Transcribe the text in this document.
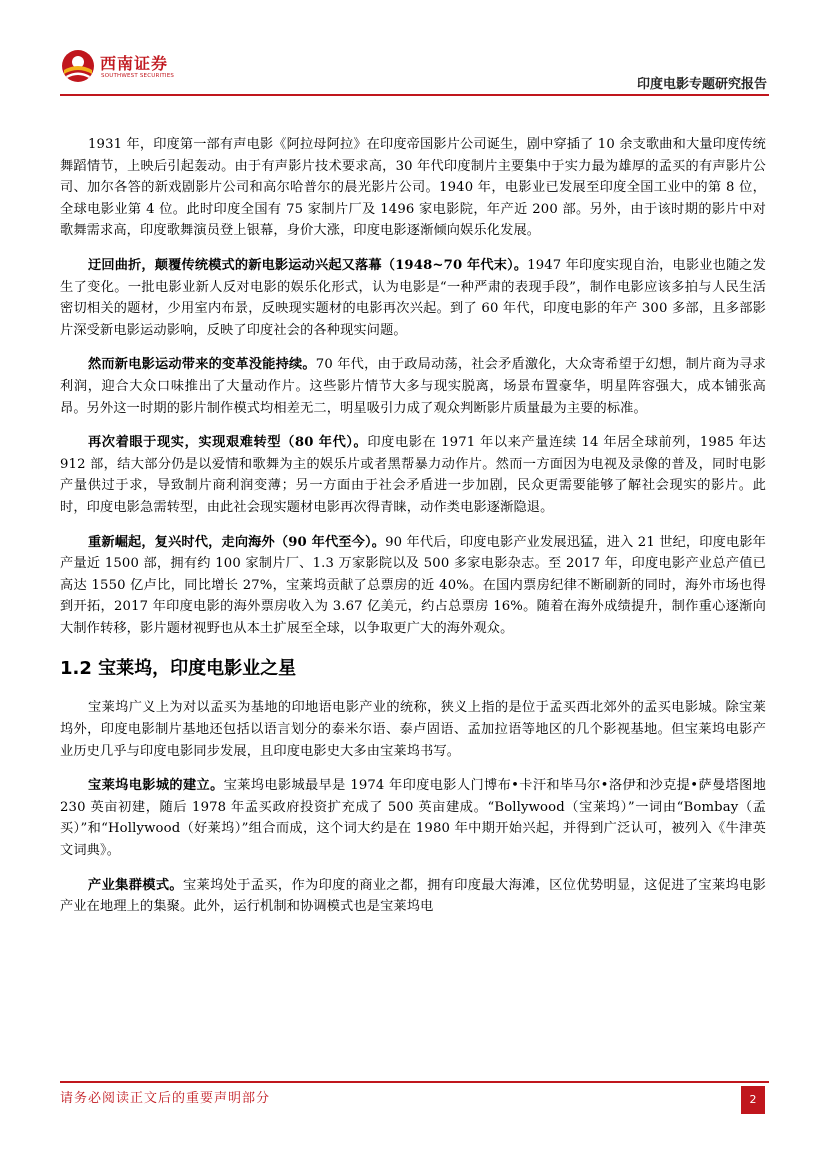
西南证券
SOUTHWEST SECURITIES
印度电影专题研究报告

1931 年，印度第一部有声电影《阿拉母阿拉》在印度帝国影片公司诞生，剧中穿插了 10 余支歌曲和大量印度传统舞蹈情节，上映后引起轰动。由于有声影片技术要求高，30 年代印度制片主要集中于实力最为雄厚的孟买的有声影片公司、加尔各答的新戏剧影片公司和高尔哈普尔的晨光影片公司。1940 年，电影业已发展至印度全国工业中的第 8 位，全球电影业第 4 位。此时印度全国有 75 家制片厂及 1496 家电影院，年产近 200 部。另外，由于该时期的影片中对歌舞需求高，印度歌舞演员登上银幕，身价大涨，印度电影逐渐倾向娱乐化发展。

迂回曲折，颠覆传统模式的新电影运动兴起又落幕（1948~70 年代末）。1947 年印度实现自治，电影业也随之发生了变化。一批电影业新人反对电影的娱乐化形式，认为电影是“一种严肃的表现手段”，制作电影应该多拍与人民生活密切相关的题材，少用室内布景，反映现实题材的电影再次兴起。到了 60 年代，印度电影的年产 300 多部，且多部影片深受新电影运动影响，反映了印度社会的各种现实问题。

然而新电影运动带来的变革没能持续。70 年代，由于政局动荡，社会矛盾激化，大众寄希望于幻想，制片商为寻求利润，迎合大众口味推出了大量动作片。这些影片情节大多与现实脱离，场景布置豪华，明星阵容强大，成本铺张高昂。另外这一时期的影片制作模式均相差无二，明星吸引力成了观众判断影片质量最为主要的标准。

再次着眼于现实，实现艰难转型（80 年代）。印度电影在 1971 年以来产量连续 14 年居全球前列，1985 年达 912 部，结大部分仍是以爱情和歌舞为主的娱乐片或者黑帮暴力动作片。然而一方面因为电视及录像的普及，同时电影产量供过于求，导致制片商利润变薄；另一方面由于社会矛盾进一步加剧，民众更需要能够了解社会现实的影片。此时，印度电影急需转型，由此社会现实题材电影再次得青睐，动作类电影逐渐隐退。

重新崛起，复兴时代，走向海外（90 年代至今）。90 年代后，印度电影产业发展迅猛，进入 21 世纪，印度电影年产量近 1500 部，拥有约 100 家制片厂、1.3 万家影院以及 500 多家电影杂志。至 2017 年，印度电影产业总产值已高达 1550 亿卢比，同比增长 27%，宝莱坞贡献了总票房的近 40%。在国内票房纪律不断刷新的同时，海外市场也得到开拓，2017 年印度电影的海外票房收入为 3.67 亿美元，约占总票房 16%。随着在海外成绩提升，制作重心逐渐向大制作转移，影片题材视野也从本土扩展至全球，以争取更广大的海外观众。

1.2 宝莱坞，印度电影业之星

宝莱坞广义上为对以孟买为基地的印地语电影产业的统称，狭义上指的是位于孟买西北郊外的孟买电影城。除宝莱坞外，印度电影制片基地还包括以语言划分的泰米尔语、泰卢固语、孟加拉语等地区的几个影视基地。但宝莱坞电影产业历史几乎与印度电影同步发展，且印度电影史大多由宝莱坞书写。

宝莱坞电影城的建立。宝莱坞电影城最早是 1974 年印度电影人门博布•卡汗和毕马尔•洛伊和沙克提•萨曼塔图地 230 英亩初建，随后 1978 年孟买政府投资扩充成了 500 英亩建成。“Bollywood（宝莱坞）”一词由“Bombay（孟买）”和“Hollywood（好莱坞）”组合而成，这个词大约是在 1980 年中期开始兴起，并得到广泛认可，被列入《牛津英文词典》。

产业集群模式。宝莱坞处于孟买，作为印度的商业之都，拥有印度最大海滩，区位优势明显，这促进了宝莱坞电影产业在地理上的集聚。此外，运行机制和协调模式也是宝莱坞电

请务必阅读正文后的重要声明部分	2
